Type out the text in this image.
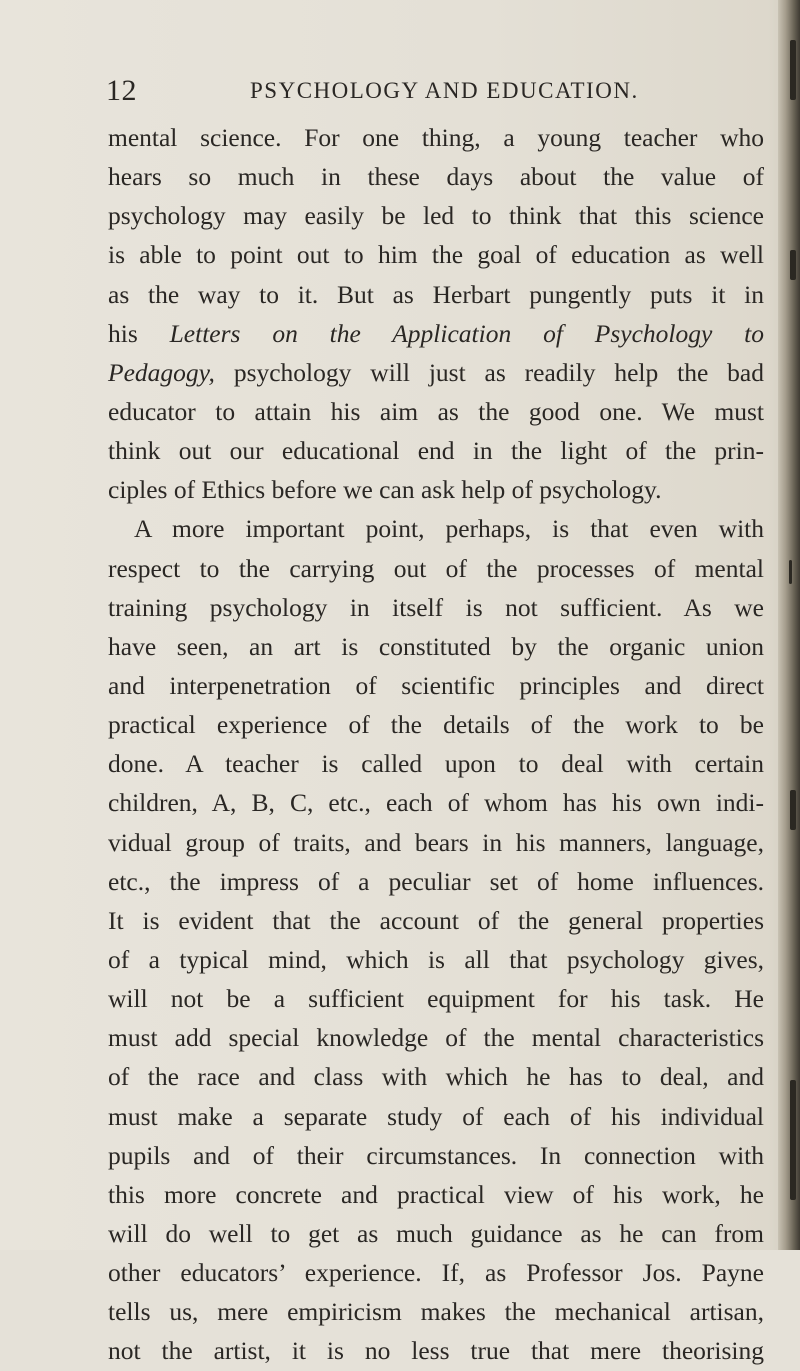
12	PSYCHOLOGY AND EDUCATION.
mental science. For one thing, a young teacher who
hears so much in these days about the value of
psychology may easily be led to think that this science
is able to point out to him the goal of education as well
as the way to it. But as Herbart pungently puts it in
his Letters on the Application of Psychology to
Pedagogy, psychology will just as readily help the bad
educator to attain his aim as the good one. We must
think out our educational end in the light of the prin-
ciples of Ethics before we can ask help of psychology.
A more important point, perhaps, is that even with
respect to the carrying out of the processes of mental
training psychology in itself is not sufficient. As we
have seen, an art is constituted by the organic union
and interpenetration of scientific principles and direct
practical experience of the details of the work to be
done. A teacher is called upon to deal with certain
children, A, B, C, etc., each of whom has his own indi-
vidual group of traits, and bears in his manners, language,
etc., the impress of a peculiar set of home influences.
It is evident that the account of the general properties
of a typical mind, which is all that psychology gives,
will not be a sufficient equipment for his task. He
must add special knowledge of the mental characteristics
of the race and class with which he has to deal, and
must make a separate study of each of his individual
pupils and of their circumstances. In connection with
this more concrete and practical view of his work, he
will do well to get as much guidance as he can from
other educators’ experience. If, as Professor Jos. Payne
tells us, mere empiricism makes the mechanical artisan,
not the artist, it is no less true that mere theorising
